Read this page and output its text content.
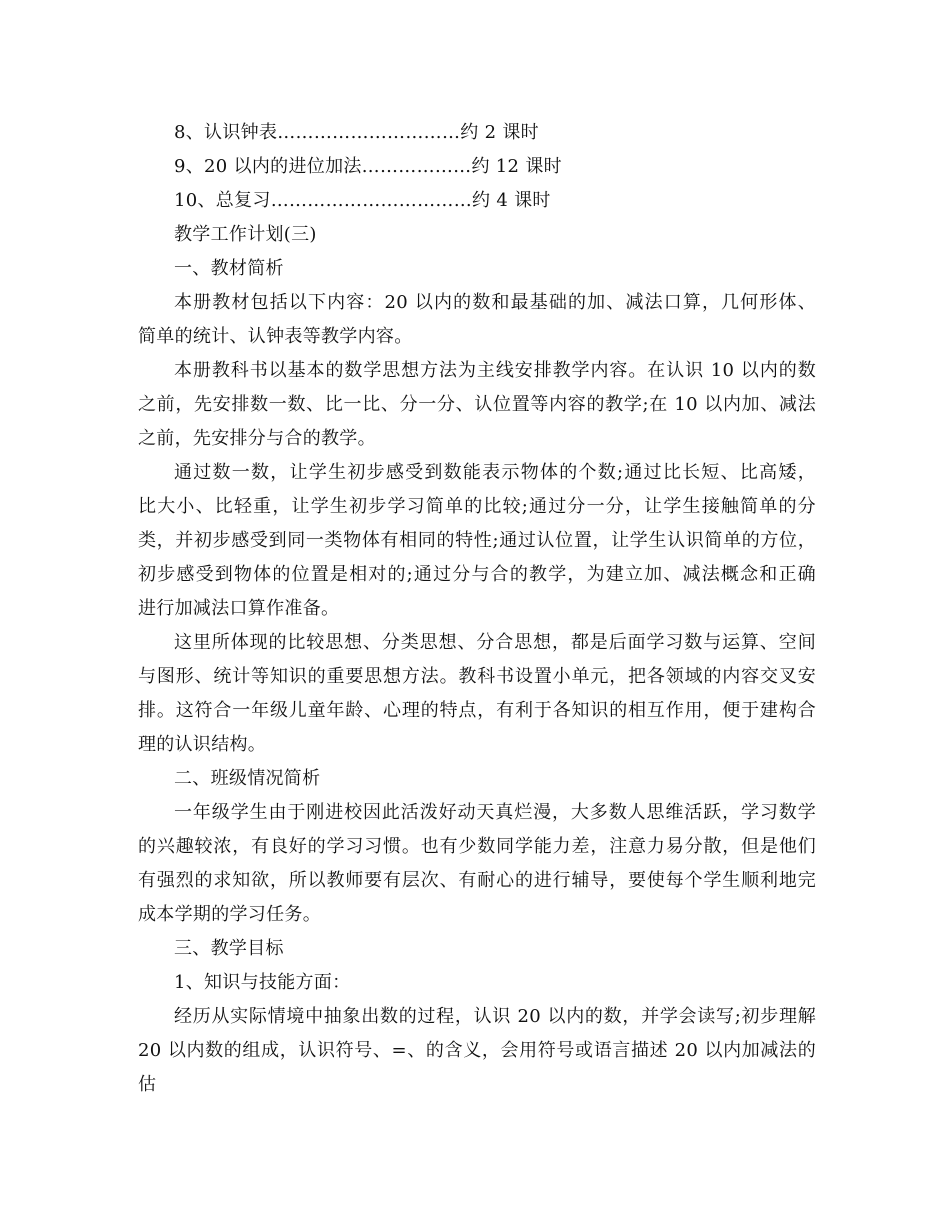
8、认识钟表…………………………约 2 课时
9、20 以内的进位加法………………约 12 课时
10、总复习……………………………约 4 课时
教学工作计划(三)
一、教材简析
本册教材包括以下内容：20 以内的数和最基础的加、减法口算，几何形体、
简单的统计、认钟表等教学内容。
本册教科书以基本的数学思想方法为主线安排教学内容。在认识 10 以内的数
之前，先安排数一数、比一比、分一分、认位置等内容的教学;在 10 以内加、减法
之前，先安排分与合的教学。
通过数一数，让学生初步感受到数能表示物体的个数;通过比长短、比高矮，
比大小、比轻重，让学生初步学习简单的比较;通过分一分，让学生接触简单的分
类，并初步感受到同一类物体有相同的特性;通过认位置，让学生认识简单的方位，
初步感受到物体的位置是相对的;通过分与合的教学，为建立加、减法概念和正确
进行加减法口算作准备。
这里所体现的比较思想、分类思想、分合思想，都是后面学习数与运算、空间
与图形、统计等知识的重要思想方法。教科书设置小单元，把各领域的内容交叉安
排。这符合一年级儿童年龄、心理的特点，有利于各知识的相互作用，便于建构合
理的认识结构。
二、班级情况简析
一年级学生由于刚进校因此活泼好动天真烂漫，大多数人思维活跃，学习数学
的兴趣较浓，有良好的学习习惯。也有少数同学能力差，注意力易分散，但是他们
有强烈的求知欲，所以教师要有层次、有耐心的进行辅导，要使每个学生顺利地完
成本学期的学习任务。
三、教学目标
1、知识与技能方面：
经历从实际情境中抽象出数的过程，认识 20 以内的数，并学会读写;初步理解
20 以内数的组成，认识符号、=、的含义，会用符号或语言描述 20 以内加减法的估
